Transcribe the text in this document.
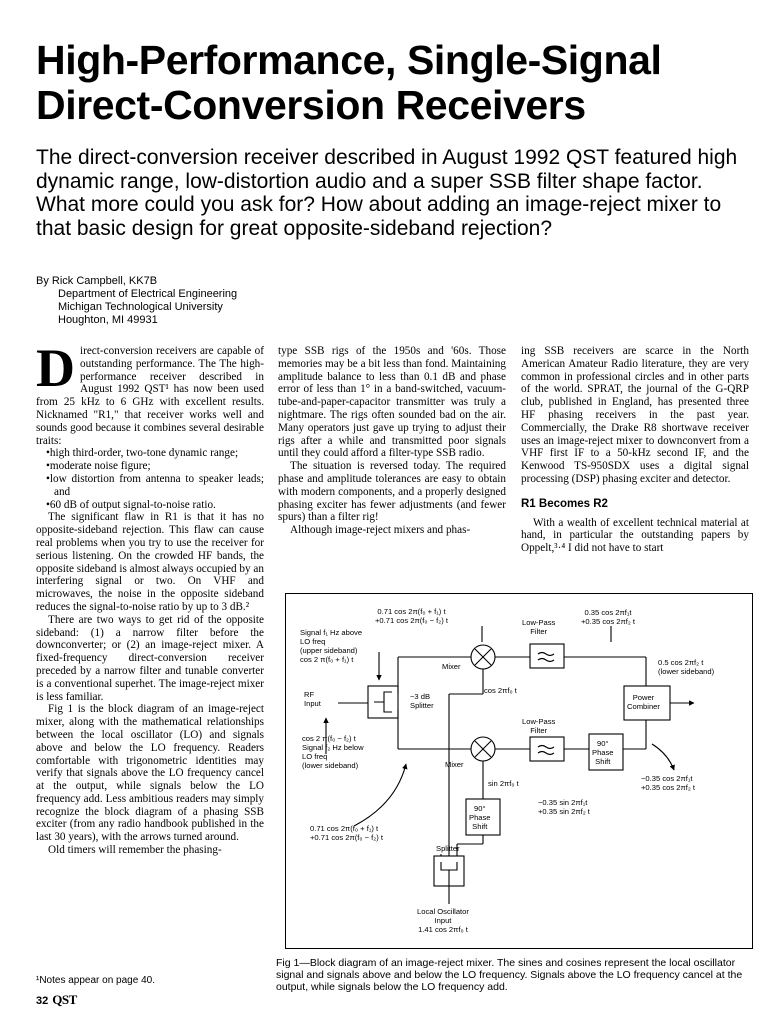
High-Performance, Single-Signal Direct-Conversion Receivers

The direct-conversion receiver described in August 1992 QST featured high dynamic range, low-distortion audio and a super SSB filter shape factor. What more could you ask for? How about adding an image-reject mixer to that basic design for great opposite-sideband rejection?

By Rick Campbell, KK7B
Department of Electrical Engineering
Michigan Technological University
Houghton, MI 49931

Direct-conversion receivers are capable of outstanding performance. The The high-performance receiver described in August 1992 QST¹ has now been used from 25 kHz to 6 GHz with excellent results. Nicknamed "R1," that receiver works well and sounds good because it combines several desirable traits:

• high third-order, two-tone dynamic range;
• moderate noise figure;
• low distortion from antenna to speaker leads; and
• 60 dB of output signal-to-noise ratio.

The significant flaw in R1 is that it has no opposite-sideband rejection. This flaw can cause real problems when you try to use the receiver for serious listening. On the crowded HF bands, the opposite sideband is almost always occupied by an interfering signal or two. On VHF and microwaves, the noise in the opposite sideband reduces the signal-to-noise ratio by up to 3 dB.²

There are two ways to get rid of the opposite sideband: (1) a narrow filter before the downconverter; or (2) an image-reject mixer. A fixed-frequency direct-conversion receiver preceded by a narrow filter and tunable converter is a conventional superhet. The image-reject mixer is less familiar.

Fig 1 is the block diagram of an image-reject mixer, along with the mathematical relationships between the local oscillator (LO) and signals above and below the LO frequency. Readers comfortable with trigonometric identities may verify that signals above the LO frequency cancel at the output, while signals below the LO frequency add. Less ambitious readers may simply recognize the block diagram of a phasing SSB exciter (from any radio handbook published in the last 30 years), with the arrows turned around.

Old timers will remember the phasing-

type SSB rigs of the 1950s and '60s. Those memories may be a bit less than fond. Maintaining amplitude balance to less than 0.1 dB and phase error of less than 1° in a band-switched, vacuum-tube-and-paper-capacitor transmitter was truly a nightmare. The rigs often sounded bad on the air. Many operators just gave up trying to adjust their rigs after a while and transmitted poor signals until they could afford a filter-type SSB radio.

The situation is reversed today. The required phase and amplitude tolerances are easy to obtain with modern components, and a properly designed phasing exciter has fewer adjustments (and fewer spurs) than a filter rig!

Although image-reject mixers and phas-

ing SSB receivers are scarce in the North American Amateur Radio literature, they are very common in professional circles and in other parts of the world. SPRAT, the journal of the G-QRP club, published in England, has presented three HF phasing receivers in the past year. Commercially, the Drake R8 shortwave receiver uses an image-reject mixer to downconvert from a VHF first IF to a 50-kHz second IF, and the Kenwood TS-950SDX uses a digital signal processing (DSP) phasing exciter and detector.

R1 Becomes R2

With a wealth of excellent technical material at hand, in particular the outstanding papers by Oppelt,³·⁴ I did not have to start

0.71 cos 2π(f₀ + f₁) t
+0.71 cos 2π(f₀ − f₂) t
Signal f₁ Hz above
LO freq
(upper sideband)
cos 2 π(f₀ + f₁) t
Mixer
Low-Pass
Filter
0.35 cos 2πf₁t
+0.35 cos 2πf₂ t
0.5 cos 2πf₂ t
(lower sideband)
Power
Combiner
RF
Input
−3 dB
Splitter
cos 2πf₀ t
cos 2 π(f₀ − f₂) t
Signal f₂ Hz below
LO freq
(lower sideband)	Mixer
Low-Pass
Filter
90°
Phase
Shift
−0.35 cos 2πf₁t
+0.35 cos 2πf₂ t
sin 2πf₀ t
90°
Phase
Shift
−0.35 sin 2πf₁t
+0.35 sin 2πf₂ t
0.71 cos 2π(f₀ + f₁) t
+0.71 cos 2π(f₀ − f₂) t
Splitter
Local Oscillator
Input
1.41 cos 2πf₀ t

Fig 1—Block diagram of an image-reject mixer. The sines and cosines represent the local oscillator signal and signals above and below the LO frequency. Signals above the LO frequency cancel at the output, while signals below the LO frequency add.

¹Notes appear on page 40.
32 QST
